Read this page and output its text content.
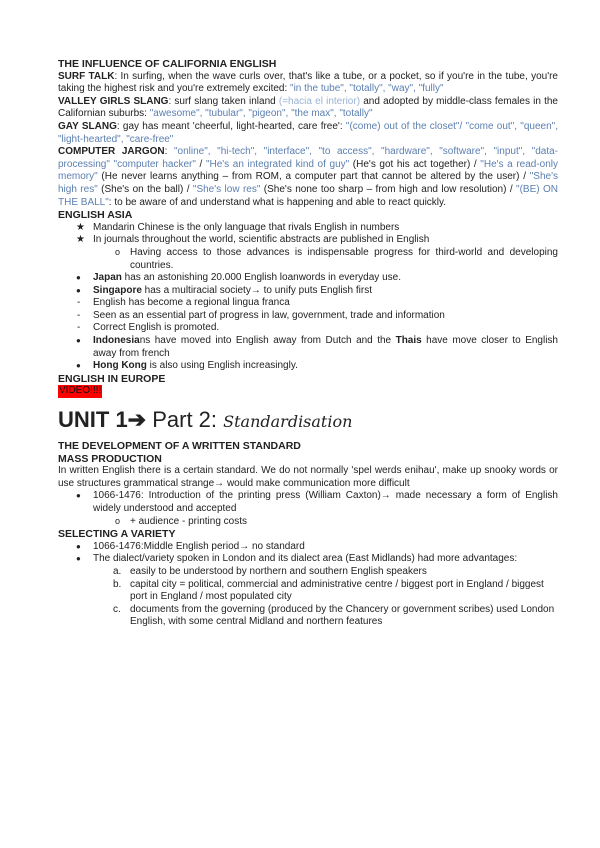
THE INFLUENCE OF CALIFORNIA ENGLISH

SURF TALK: In surfing, when the wave curls over, that's like a tube, or a pocket, so if you're in the tube, you're taking the highest risk and you're extremely excited: "in the tube", "totally", "way", "fully"

VALLEY GIRLS SLANG: surf slang taken inland (=hacia el interior) and adopted by middle-class females in the Californian suburbs: "awesome", "tubular", "pigeon", "the max", "totally"

GAY SLANG: gay has meant 'cheerful, light-hearted, care free': "(come) out of the closet"/ "come out", "queen", "light-hearted", "care-free"

COMPUTER JARGON: "online", "hi-tech", "interface", "to access", "hardware", "software", "input", "data-processing" "computer hacker" / "He's an integrated kind of guy" (He's got his act together) / "He's a read-only memory" (He never learns anything – from ROM, a computer part that cannot be altered by the user) / "She's high res" (She's on the ball) / "She's low res" (She's none too sharp – from high and low resolution) / "(BE) ON THE BALL": to be aware of and understand what is happening and able to react quickly.

ENGLISH ASIA

★ Mandarin Chinese is the only language that rivals English in numbers
★ In journals throughout the world, scientific abstracts are published in English
o Having access to those advances is indispensable progress for third-world and developing countries.
● Japan has an astonishing 20.000 English loanwords in everyday use.
● Singapore has a multiracial society→ to unify puts English first
- English has become a regional lingua franca
- Seen as an essential part of progress in law, government, trade and information
- Correct English is promoted.
● Indonesians have moved into English away from Dutch and the Thais have move closer to English away from french
● Hong Kong is also using English increasingly.

ENGLISH IN EUROPE

VIDEO!!!!

UNIT 1➔ Part 2: Standardisation

THE DEVELOPMENT OF A WRITTEN STANDARD

MASS PRODUCTION

In written English there is a certain standard. We do not normally 'spel werds enihau', make up snooky words or use structures grammatical strange→ would make communication more difficult

● 1066-1476: Introduction of the printing press (William Caxton)→ made necessary a form of English widely understood and accepted
o + audience - printing costs

SELECTING A VARIETY

● 1066-1476:Middle English period→ no standard
● The dialect/variety spoken in London and its dialect area (East Midlands) had more advantages:
a. easily to be understood by northern and southern English speakers
b. capital city = political, commercial and administrative centre / biggest port in England / biggest port in England / most populated city
c. documents from the governing (produced by the Chancery or government scribes) used London English, with some central Midland and northern features
